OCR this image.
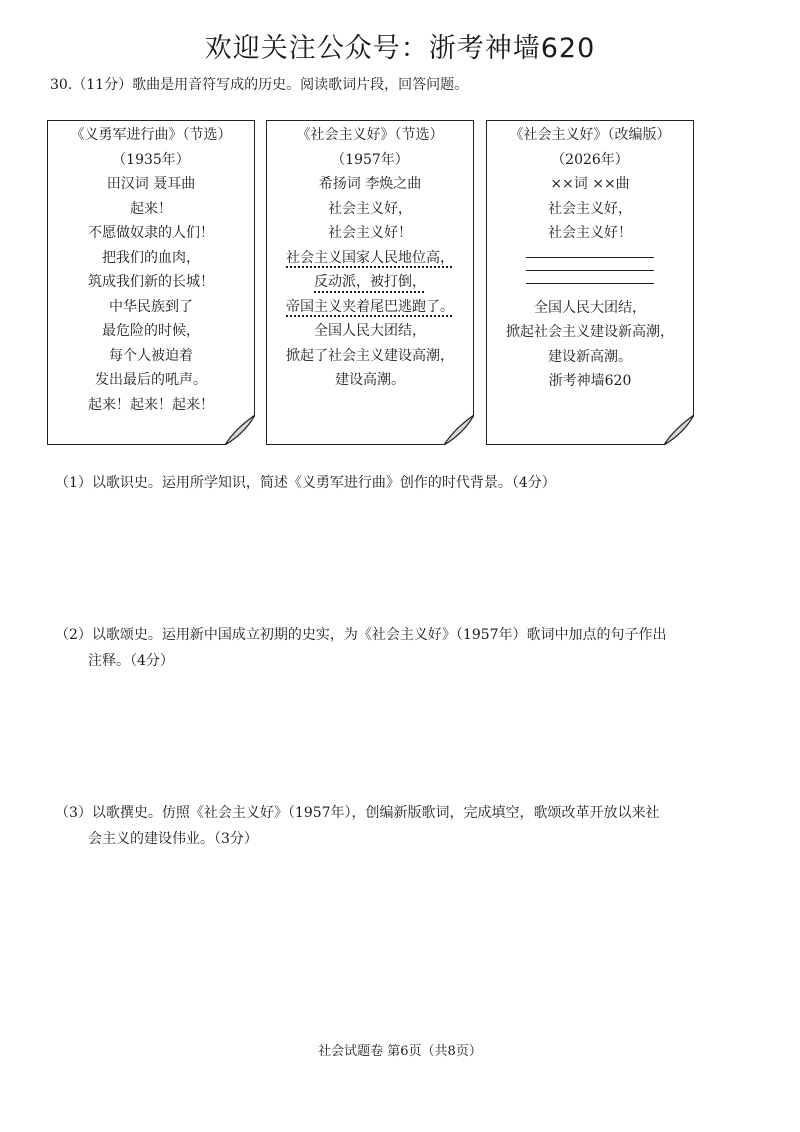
欢迎关注公众号：浙考神墙620
30.（11分）歌曲是用音符写成的历史。阅读歌词片段，回答问题。
《义勇军进行曲》（节选）
（1935年）
田汉词 聂耳曲
起来！
不愿做奴隶的人们！
把我们的血肉，
筑成我们新的长城！
中华民族到了
最危险的时候，
每个人被迫着
发出最后的吼声。
起来！起来！起来！
《社会主义好》（节选）
（1957年）
希扬词 李焕之曲
社会主义好，
社会主义好！
社会主义国家人民地位高，
反动派，被打倒，
帝国主义夹着尾巴逃跑了。
全国人民大团结，
掀起了社会主义建设高潮，
建设高潮。
《社会主义好》（改编版）
（2026年）
××词 ××曲
社会主义好，
社会主义好！
全国人民大团结，
掀起社会主义建设新高潮，
建设新高潮。
浙考神墙620
（1）以歌识史。运用所学知识，简述《义勇军进行曲》创作的时代背景。（4分）
（2）以歌颂史。运用新中国成立初期的史实，为《社会主义好》（1957年）歌词中加点的句子作出
注释。（4分）
（3）以歌撰史。仿照《社会主义好》（1957年），创编新版歌词，完成填空，歌颂改革开放以来社
会主义的建设伟业。（3分）
社会试题卷 第6页（共8页）
